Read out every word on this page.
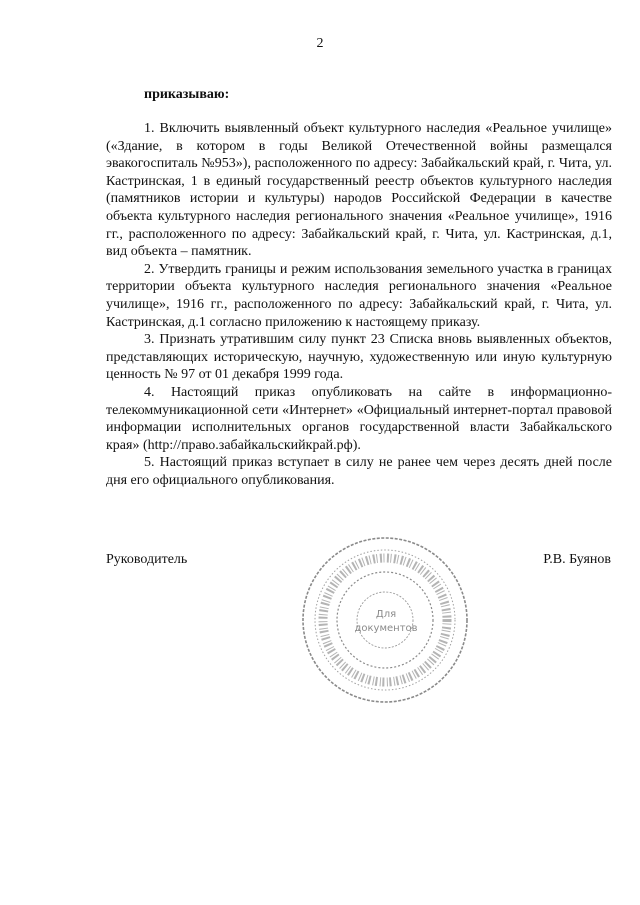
2
приказываю:

1. Включить выявленный объект культурного наследия «Реальное училище» («Здание, в котором в годы Великой Отечественной войны размещался эвакогоспиталь №953»), расположенного по адресу: Забайкальский край, г. Чита, ул. Кастринская, 1 в единый государственный реестр объектов культурного наследия (памятников истории и культуры) народов Российской Федерации в качестве объекта культурного наследия регионального значения «Реальное училище», 1916 гг., расположенного по адресу: Забайкальский край, г. Чита, ул. Кастринская, д.1, вид объекта – памятник.

2. Утвердить границы и режим использования земельного участка в границах территории объекта культурного наследия регионального значения «Реальное училище», 1916 гг., расположенного по адресу: Забайкальский край, г. Чита, ул. Кастринская, д.1 согласно приложению к настоящему приказу.

3. Признать утратившим силу пункт 23 Списка вновь выявленных объектов, представляющих историческую, научную, художественную или иную культурную ценность № 97 от 01 декабря 1999 года.

4. Настоящий приказ опубликовать на сайте в информационно-телекоммуникационной сети «Интернет» «Официальный интернет-портал правовой информации исполнительных органов государственной власти Забайкальского края» (http://право.забайкальскийкрай.рф).

5. Настоящий приказ вступает в силу не ранее чем через десять дней после дня его официального опубликования.

Руководитель	Р.В. Буянов
Для
документов
